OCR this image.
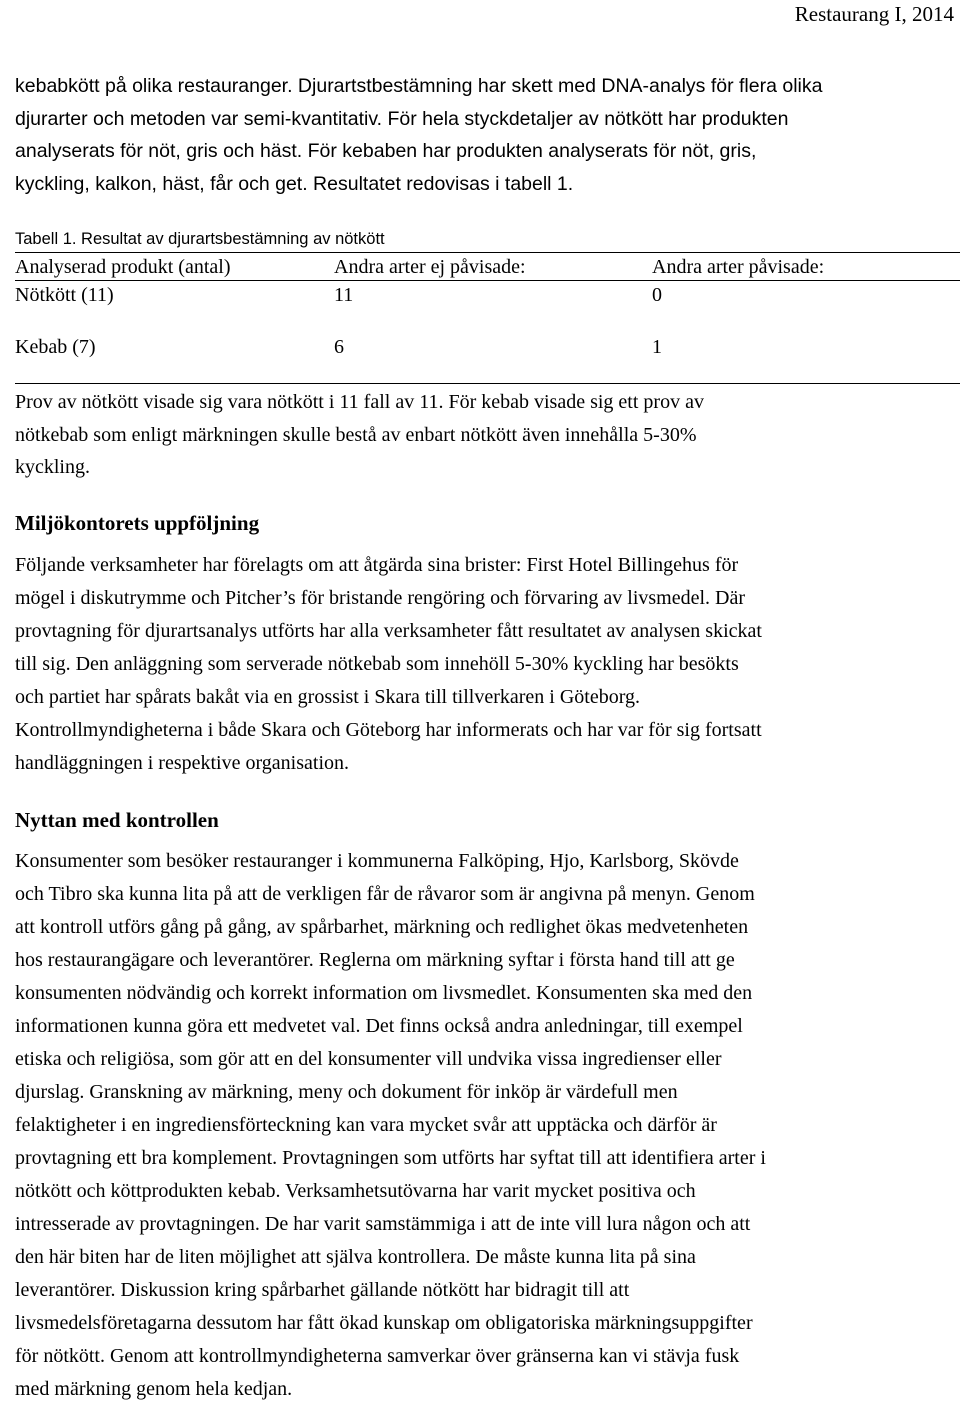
Restaurang I, 2014

kebabkött på olika restauranger. Djurartstbestämning har skett med DNA-analys för flera olika

djurarter och metoden var semi-kvantitativ. För hela styckdetaljer av nötkött har produkten

analyserats för nöt, gris och häst. För kebaben har produkten analyserats för nöt, gris,

kyckling, kalkon, häst, får och get. Resultatet redovisas i tabell 1.

Tabell 1. Resultat av djurartsbestämning av nötkött
Analyserad produkt (antal)	Andra arter ej påvisade:	Andra arter påvisade:
Nötkött (11)	11	0
Kebab (7)	6	1

Prov av nötkött visade sig vara nötkött i 11 fall av 11. För kebab visade sig ett prov av

nötkebab som enligt märkningen skulle bestå av enbart nötkött även innehålla 5-30%

kyckling.

Miljökontorets uppföljning

Följande verksamheter har förelagts om att åtgärda sina brister: First Hotel Billingehus för

mögel i diskutrymme och Pitcher’s för bristande rengöring och förvaring av livsmedel. Där

provtagning för djurartsanalys utförts har alla verksamheter fått resultatet av analysen skickat

till sig. Den anläggning som serverade nötkebab som innehöll 5-30% kyckling har besökts

och partiet har spårats bakåt via en grossist i Skara till tillverkaren i Göteborg.

Kontrollmyndigheterna i både Skara och Göteborg har informerats och har var för sig fortsatt

handläggningen i respektive organisation.

Nyttan med kontrollen

Konsumenter som besöker restauranger i kommunerna Falköping, Hjo, Karlsborg, Skövde

och Tibro ska kunna lita på att de verkligen får de råvaror som är angivna på menyn. Genom

att kontroll utförs gång på gång, av spårbarhet, märkning och redlighet ökas medvetenheten

hos restaurangägare och leverantörer. Reglerna om märkning syftar i första hand till att ge

konsumenten nödvändig och korrekt information om livsmedlet. Konsumenten ska med den

informationen kunna göra ett medvetet val. Det finns också andra anledningar, till exempel

etiska och religiösa, som gör att en del konsumenter vill undvika vissa ingredienser eller

djurslag. Granskning av märkning, meny och dokument för inköp är värdefull men

felaktigheter i en ingrediensförteckning kan vara mycket svår att upptäcka och därför är

provtagning ett bra komplement. Provtagningen som utförts har syftat till att identifiera arter i

nötkött och köttprodukten kebab. Verksamhetsutövarna har varit mycket positiva och

intresserade av provtagningen. De har varit samstämmiga i att de inte vill lura någon och att

den här biten har de liten möjlighet att själva kontrollera. De måste kunna lita på sina

leverantörer. Diskussion kring spårbarhet gällande nötkött har bidragit till att

livsmedelsföretagarna dessutom har fått ökad kunskap om obligatoriska märkningsuppgifter

för nötkött. Genom att kontrollmyndigheterna samverkar över gränserna kan vi stävja fusk

med märkning genom hela kedjan.
